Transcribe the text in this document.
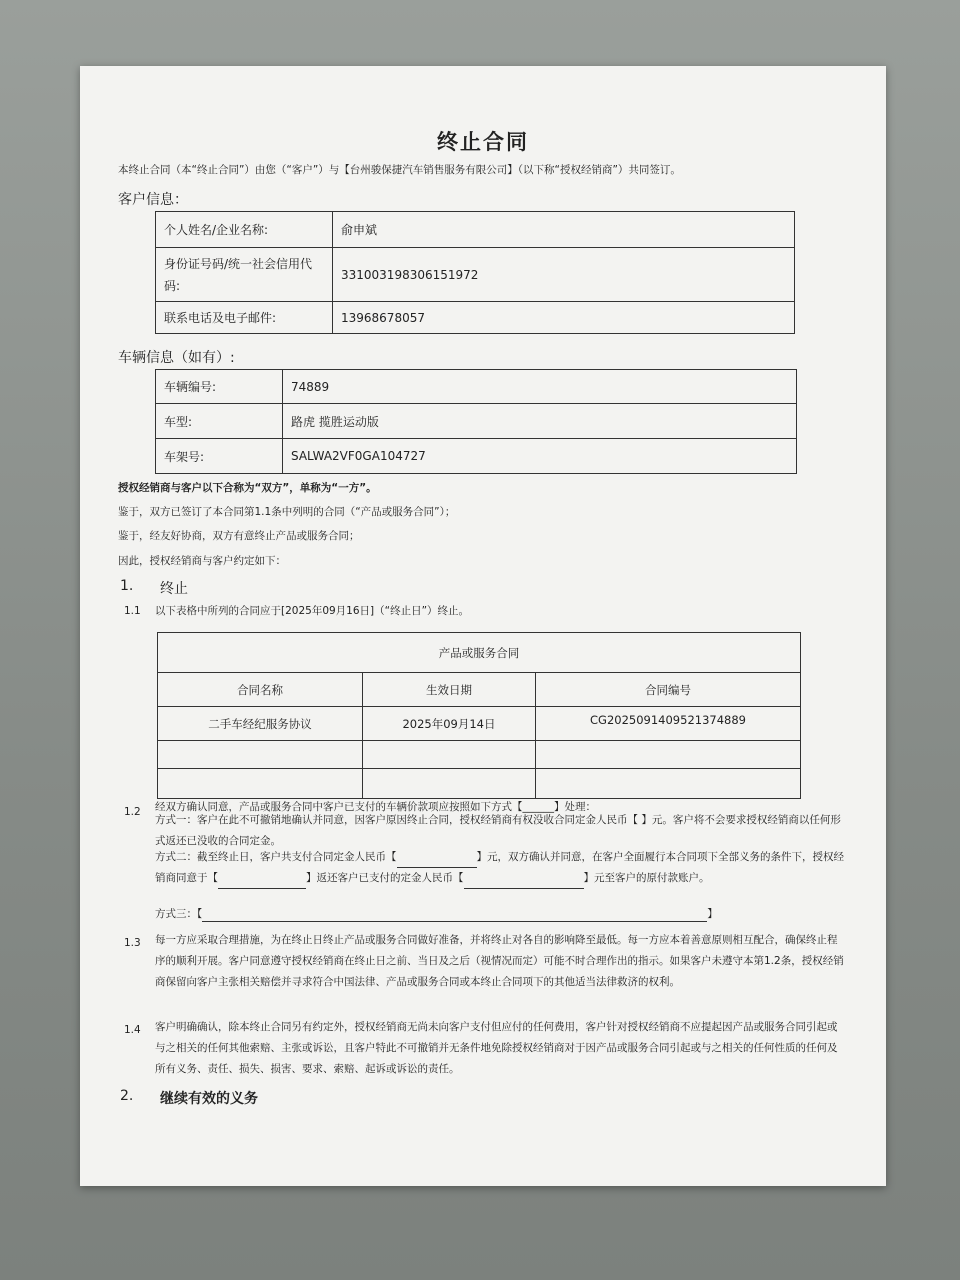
终止合同
本终止合同（本“终止合同”）由您（“客户”）与【台州骏保捷汽车销售服务有限公司】（以下称“授权经销商”）共同签订。
客户信息：
个人姓名/企业名称:	俞申斌
身份证号码/统一社会信用代码:	331003198306151972
联系电话及电子邮件:	13968678057
车辆信息（如有）:
车辆编号:	74889
车型:	路虎 揽胜运动版
车架号:	SALWA2VF0GA104727
授权经销商与客户以下合称为“双方”，单称为“一方”。
鉴于，双方已签订了本合同第1.1条中列明的合同（“产品或服务合同”）；
鉴于，经友好协商，双方有意终止产品或服务合同；
因此，授权经销商与客户约定如下：
1. 终止
1.1 以下表格中所列的合同应于[2025年09月16日]（“终止日”）终止。
产品或服务合同		
合同名称	生效日期	合同编号
二手车经纪服务协议	2025年09月14日	CG2025091409521374889

1.2 经双方确认同意，产品或服务合同中客户已支付的车辆价款项应按照如下方式【______】处理：
方式一：客户在此不可撤销地确认并同意，因客户原因终止合同，授权经销商有权没收合同定金人民币【 】元。客户将不会要求授权经销商以任何形式返还已没收的合同定金。
方式二：截至终止日，客户共支付合同定金人民币【	】元，双方确认并同意，在客户全面履行本合同项下全部义务的条件下，授权经销商同意于【	】返还客户已支付的定金人民币【	】元至客户的原付款账户。
方式三：【	】
1.3 每一方应采取合理措施，为在终止日终止产品或服务合同做好准备，并将终止对各自的影响降至最低。每一方应本着善意原则相互配合，确保终止程序的顺利开展。客户同意遵守授权经销商在终止日之前、当日及之后（视情况而定）可能不时合理作出的指示。如果客户未遵守本第1.2条，授权经销商保留向客户主张相关赔偿并寻求符合中国法律、产品或服务合同或本终止合同项下的其他适当法律救济的权利。
1.4 客户明确确认，除本终止合同另有约定外，授权经销商无尚未向客户支付但应付的任何费用，客户针对授权经销商不应提起因产品或服务合同引起或与之相关的任何其他索赔、主张或诉讼，且客户特此不可撤销并无条件地免除授权经销商对于因产品或服务合同引起或与之相关的任何性质的任何及所有义务、责任、损失、损害、要求、索赔、起诉或诉讼的责任。
2. 继续有效的义务
